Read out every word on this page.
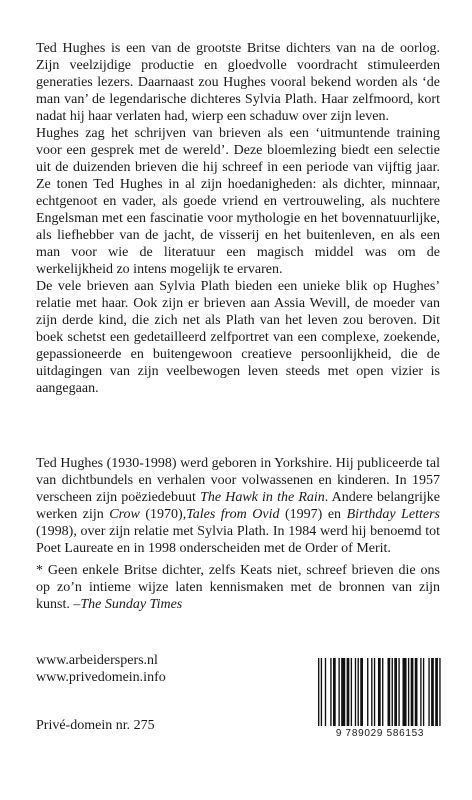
Ted Hughes is een van de grootste Britse dichters van na de oorlog. Zijn veelzijdige productie en gloedvolle voordracht stimuleerden generaties lezers. Daarnaast zou Hughes vooral bekend worden als ‘de man van’ de legendarische dichteres Sylvia Plath. Haar zelfmoord, kort nadat hij haar verlaten had, wierp een schaduw over zijn leven.

Hughes zag het schrijven van brieven als een ‘uitmuntende training voor een gesprek met de wereld’. Deze bloemlezing biedt een selectie uit de duizenden brieven die hij schreef in een periode van vijftig jaar. Ze tonen Ted Hughes in al zijn hoedanigheden: als dichter, minnaar, echtgenoot en vader, als goede vriend en vertrouweling, als nuchtere Engelsman met een fascinatie voor mythologie en het bovennatuurlijke, als liefhebber van de jacht, de visserij en het buitenleven, en als een man voor wie de literatuur een magisch middel was om de werkelijkheid zo intens mogelijk te ervaren.

De vele brieven aan Sylvia Plath bieden een unieke blik op Hughes’ relatie met haar. Ook zijn er brieven aan Assia Wevill, de moeder van zijn derde kind, die zich net als Plath van het leven zou beroven. Dit boek schetst een gedetailleerd zelfportret van een complexe, zoekende, gepassioneerde en buitengewoon creatieve persoonlijkheid, die de uitdagingen van zijn veelbewogen leven steeds met open vizier is aangegaan.

Ted Hughes (1930-1998) werd geboren in Yorkshire. Hij publiceerde tal van dichtbundels en verhalen voor volwassenen en kinderen. In 1957 verscheen zijn poëziedebuut The Hawk in the Rain. Andere belangrijke werken zijn Crow (1970),Tales from Ovid (1997) en Birthday Letters (1998), over zijn relatie met Sylvia Plath. In 1984 werd hij benoemd tot Poet Laureate en in 1998 onderscheiden met de Order of Merit.

* Geen enkele Britse dichter, zelfs Keats niet, schreef brieven die ons op zo’n intieme wijze laten kennismaken met de bronnen van zijn kunst. –The Sunday Times

www.arbeiderspers.nl
www.privedomein.info
Privé-domein nr. 275
9 789029 586153
